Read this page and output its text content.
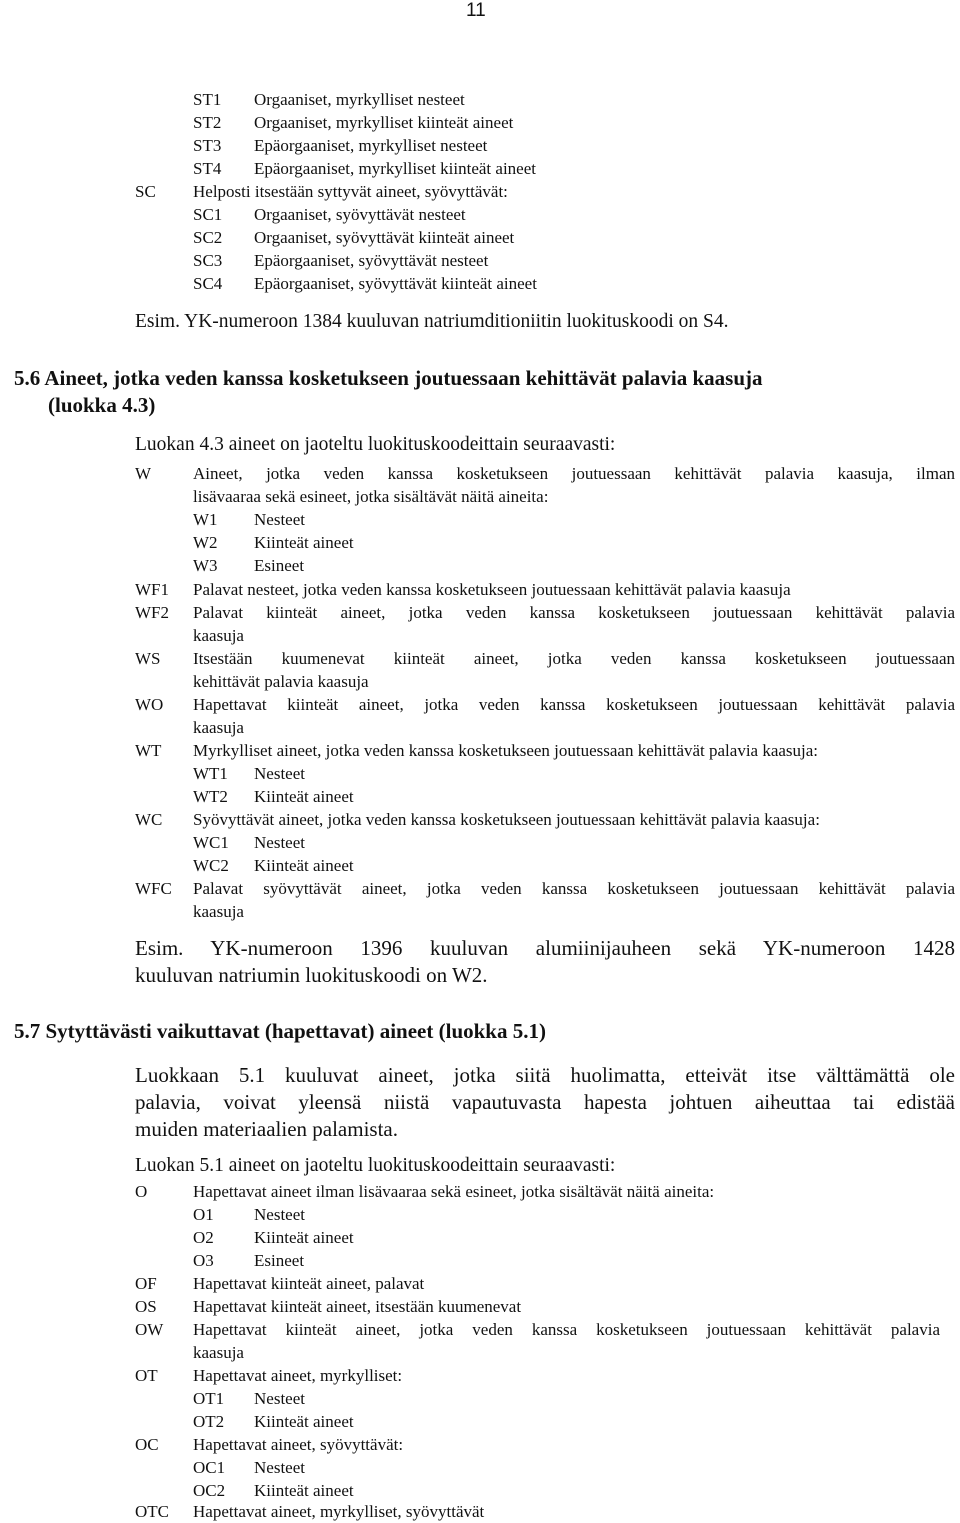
11
ST1 Orgaaniset, myrkylliset nesteet
ST2 Orgaaniset, myrkylliset kiinteät aineet
ST3 Epäorgaaniset, myrkylliset nesteet
ST4 Epäorgaaniset, myrkylliset kiinteät aineet
SC Helposti itsestään syttyvät aineet, syövyttävät:
SC1 Orgaaniset, syövyttävät nesteet
SC2 Orgaaniset, syövyttävät kiinteät aineet
SC3 Epäorgaaniset, syövyttävät nesteet
SC4 Epäorgaaniset, syövyttävät kiinteät aineet
Esim. YK-numeroon 1384 kuuluvan natriumditioniitin luokituskoodi on S4.
5.6 Aineet, jotka veden kanssa kosketukseen joutuessaan kehittävät palavia kaasuja
(luokka 4.3)
Luokan 4.3 aineet on jaoteltu luokituskoodeittain seuraavasti:
W Aineet, jotka veden kanssa kosketukseen joutuessaan kehittävät palavia kaasuja, ilman
lisävaaraa sekä esineet, jotka sisältävät näitä aineita:
W1 Nesteet
W2 Kiinteät aineet
W3 Esineet
WF1 Palavat nesteet, jotka veden kanssa kosketukseen joutuessaan kehittävät palavia kaasuja
WF2 Palavat kiinteät aineet, jotka veden kanssa kosketukseen joutuessaan kehittävät palavia
kaasuja
WS Itsestään kuumenevat kiinteät aineet, jotka veden kanssa kosketukseen joutuessaan
kehittävät palavia kaasuja
WO Hapettavat kiinteät aineet, jotka veden kanssa kosketukseen joutuessaan kehittävät palavia
kaasuja
WT Myrkylliset aineet, jotka veden kanssa kosketukseen joutuessaan kehittävät palavia kaasuja:
WT1 Nesteet
WT2 Kiinteät aineet
WC Syövyttävät aineet, jotka veden kanssa kosketukseen joutuessaan kehittävät palavia kaasuja:
WC1 Nesteet
WC2 Kiinteät aineet
WFC Palavat syövyttävät aineet, jotka veden kanssa kosketukseen joutuessaan kehittävät palavia
kaasuja
Esim. YK-numeroon 1396 kuuluvan alumiinijauheen sekä YK-numeroon 1428
kuuluvan natriumin luokituskoodi on W2.
5.7 Sytyttävästi vaikuttavat (hapettavat) aineet (luokka 5.1)
Luokkaan 5.1 kuuluvat aineet, jotka siitä huolimatta, etteivät itse välttämättä ole
palavia, voivat yleensä niistä vapautuvasta hapesta johtuen aiheuttaa tai edistää
muiden materiaalien palamista.
Luokan 5.1 aineet on jaoteltu luokituskoodeittain seuraavasti:
O	Hapettavat aineet ilman lisävaaraa sekä esineet, jotka sisältävät näitä aineita:
O1 Nesteet
O2 Kiinteät aineet
O3 Esineet
OF Hapettavat kiinteät aineet, palavat
OS Hapettavat kiinteät aineet, itsestään kuumenevat
OW Hapettavat kiinteät aineet, jotka veden kanssa kosketukseen joutuessaan kehittävät palavia
kaasuja
OT Hapettavat aineet, myrkylliset:
OT1 Nesteet
OT2 Kiinteät aineet
OC Hapettavat aineet, syövyttävät:
OC1 Nesteet
OC2 Kiinteät aineet
OTC Hapettavat aineet, myrkylliset, syövyttävät
